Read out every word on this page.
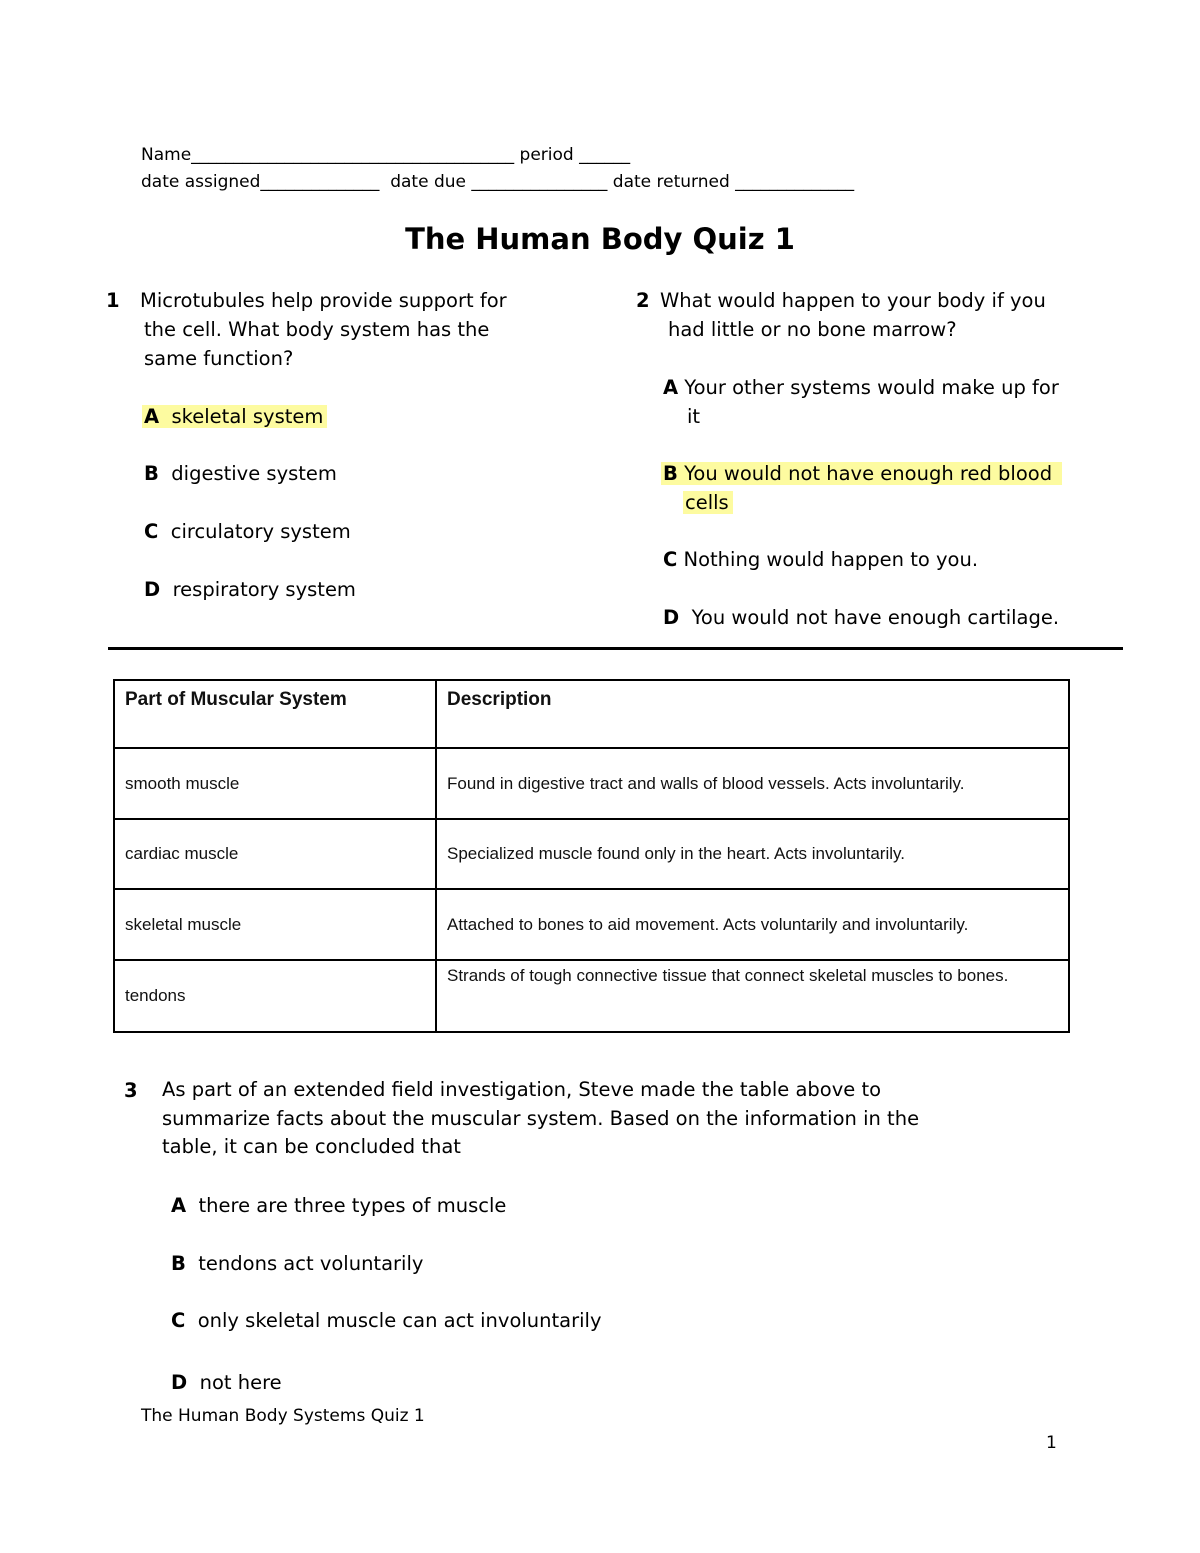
Name______________________________________ period ______
date assigned______________  date due ________________ date returned ______________
The Human Body Quiz 1
1 Microtubules help provide support for
the cell. What body system has the
same function?
A skeletal system
B digestive system
C circulatory system
D respiratory system
2 What would happen to your body if you
had little or no bone marrow?
A Your other systems would make up for
it
B You would not have enough red blood
cells
C Nothing would happen to you.
D You would not have enough cartilage.
Part of Muscular System	Description
smooth muscle	Found in digestive tract and walls of blood vessels. Acts involuntarily.
cardiac muscle	Specialized muscle found only in the heart. Acts involuntarily.
skeletal muscle	Attached to bones to aid movement. Acts voluntarily and involuntarily.
tendons	Strands of tough connective tissue that connect skeletal muscles to bones.
3 As part of an extended field investigation, Steve made the table above to
summarize facts about the muscular system. Based on the information in the
table, it can be concluded that
A there are three types of muscle
B tendons act voluntarily
C only skeletal muscle can act involuntarily
D not here
The Human Body Systems Quiz 1
1
